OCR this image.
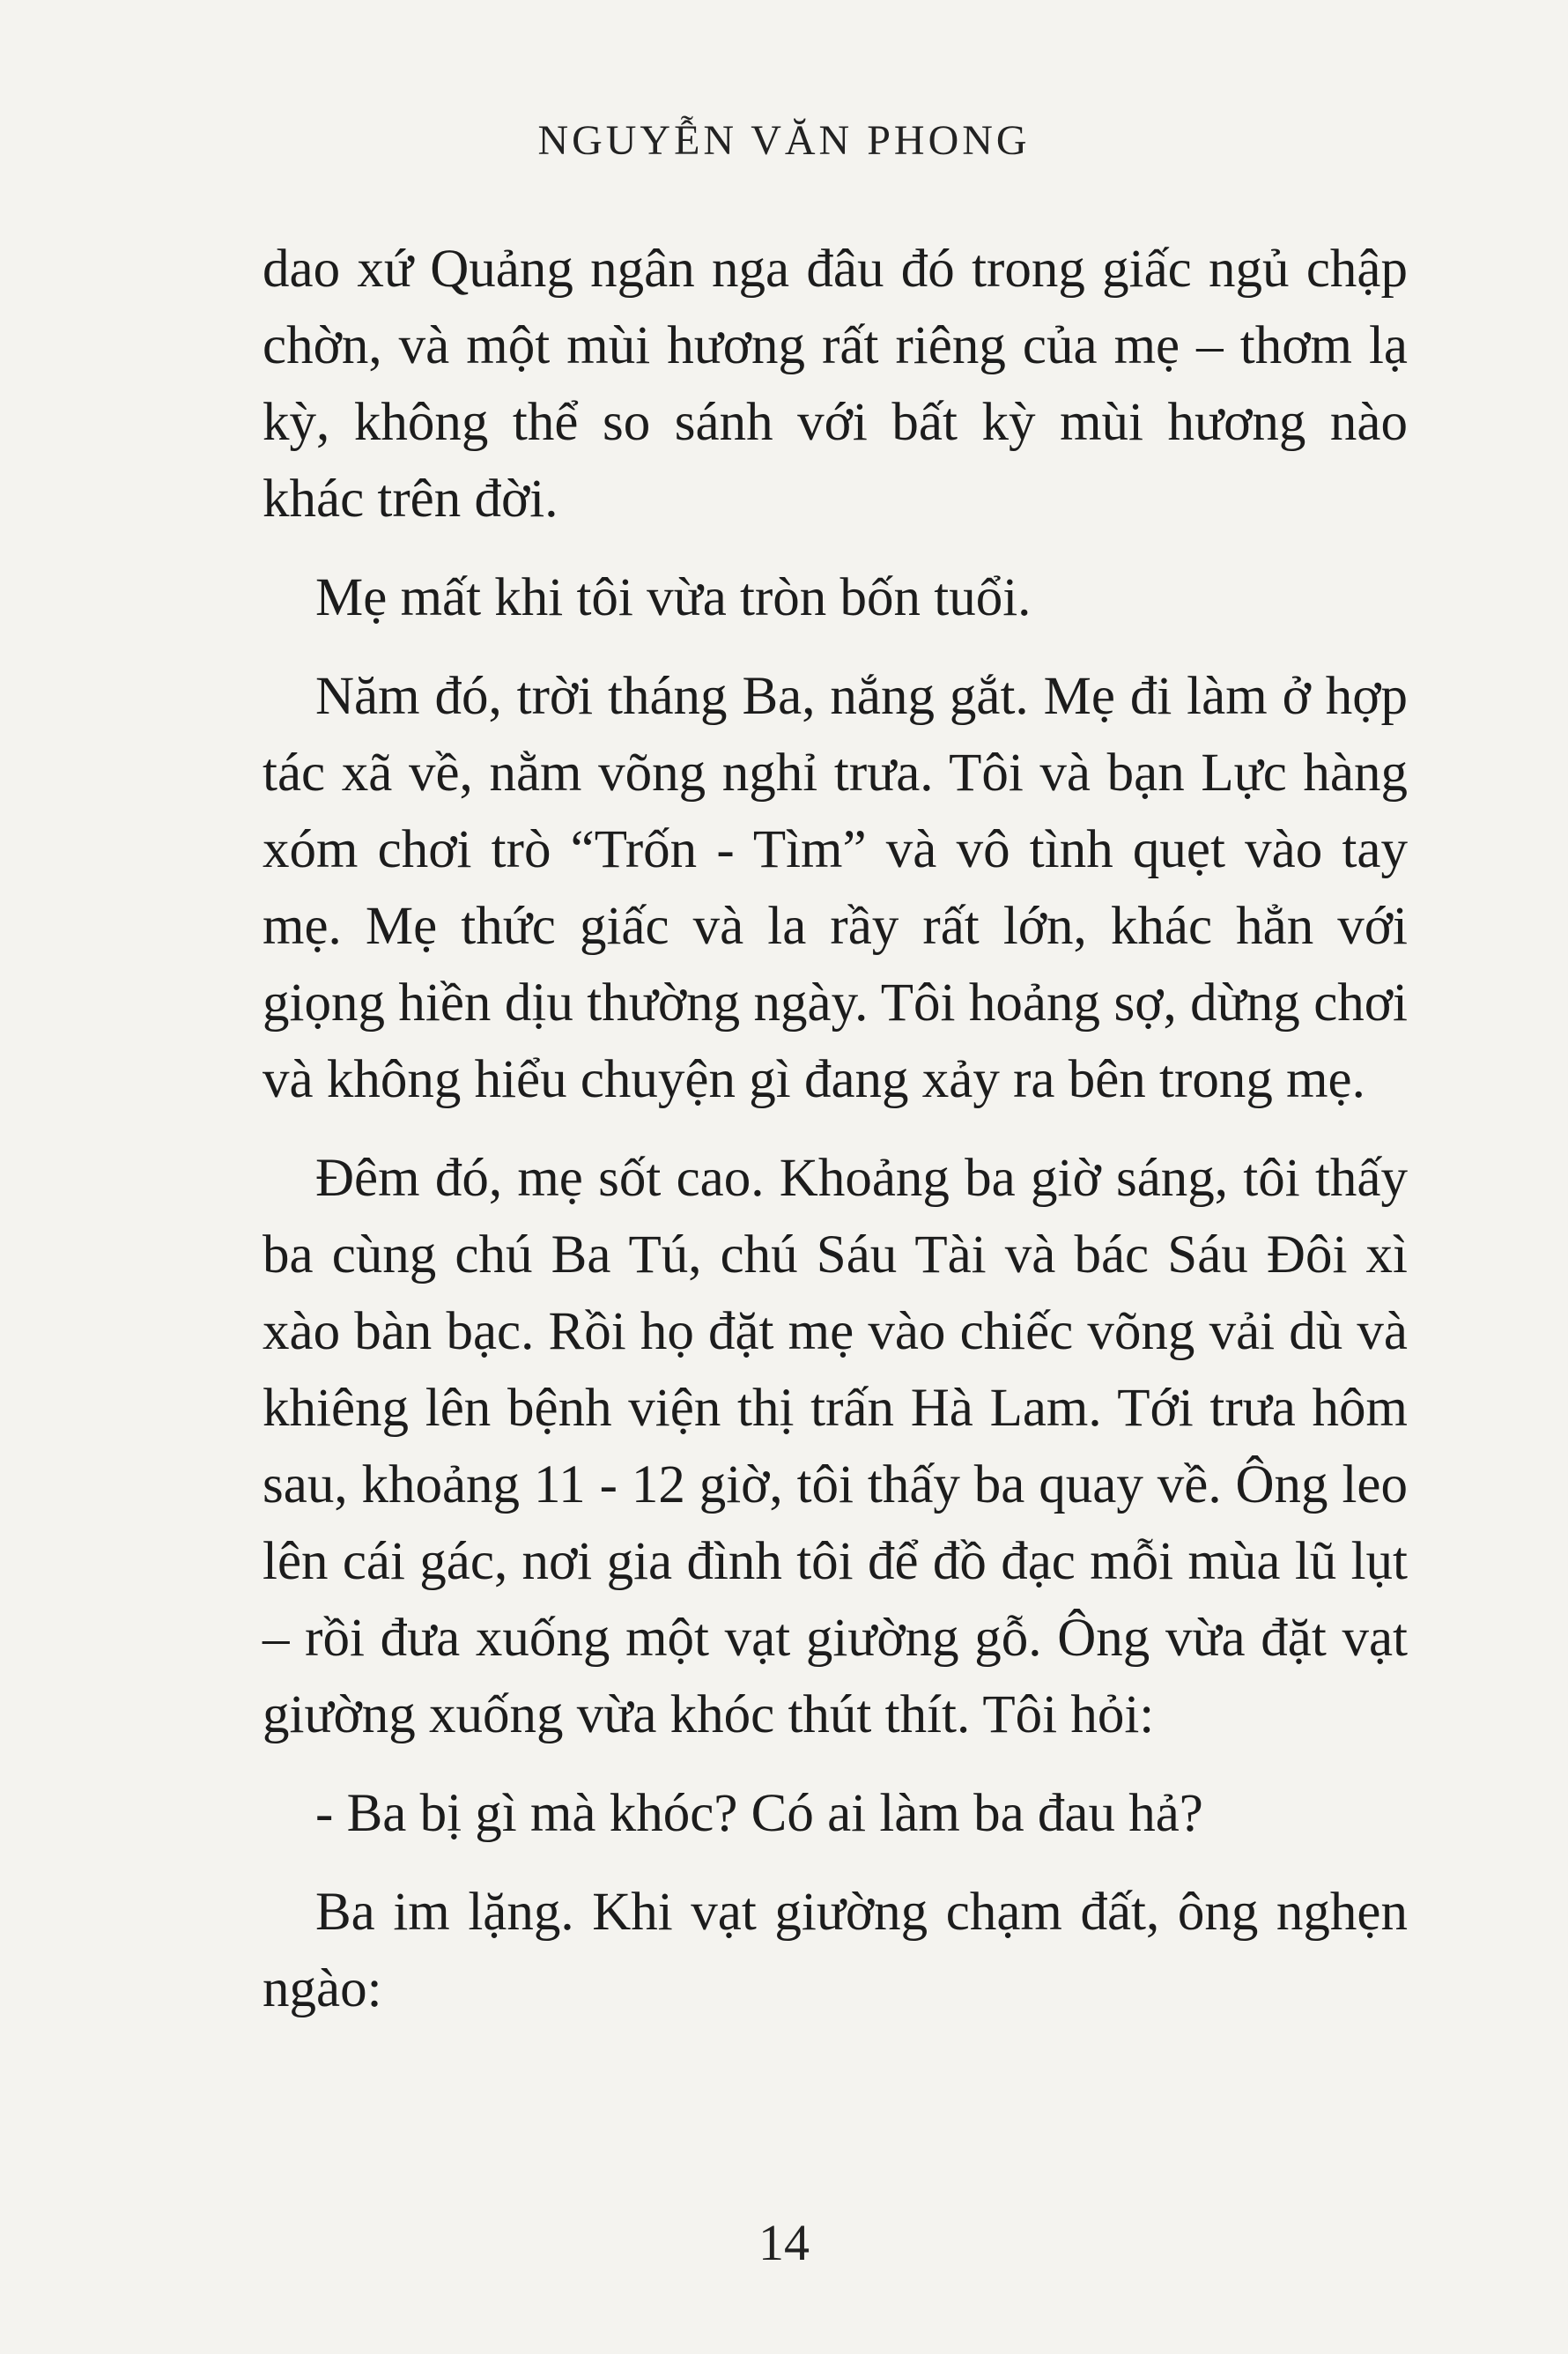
NGUYỄN VĂN PHONG

dao xứ Quảng ngân nga đâu đó trong giấc ngủ chập chờn, và một mùi hương rất riêng của mẹ – thơm lạ kỳ, không thể so sánh với bất kỳ mùi hương nào khác trên đời.

Mẹ mất khi tôi vừa tròn bốn tuổi.

Năm đó, trời tháng Ba, nắng gắt. Mẹ đi làm ở hợp tác xã về, nằm võng nghỉ trưa. Tôi và bạn Lực hàng xóm chơi trò “Trốn - Tìm” và vô tình quẹt vào tay mẹ. Mẹ thức giấc và la rầy rất lớn, khác hẳn với giọng hiền dịu thường ngày. Tôi hoảng sợ, dừng chơi và không hiểu chuyện gì đang xảy ra bên trong mẹ.

Đêm đó, mẹ sốt cao. Khoảng ba giờ sáng, tôi thấy ba cùng chú Ba Tú, chú Sáu Tài và bác Sáu Đôi xì xào bàn bạc. Rồi họ đặt mẹ vào chiếc võng vải dù và khiêng lên bệnh viện thị trấn Hà Lam. Tới trưa hôm sau, khoảng 11 - 12 giờ, tôi thấy ba quay về. Ông leo lên cái gác, nơi gia đình tôi để đồ đạc mỗi mùa lũ lụt – rồi đưa xuống một vạt giường gỗ. Ông vừa đặt vạt giường xuống vừa khóc thút thít. Tôi hỏi:

- Ba bị gì mà khóc? Có ai làm ba đau hả?

Ba im lặng. Khi vạt giường chạm đất, ông nghẹn ngào:

14
